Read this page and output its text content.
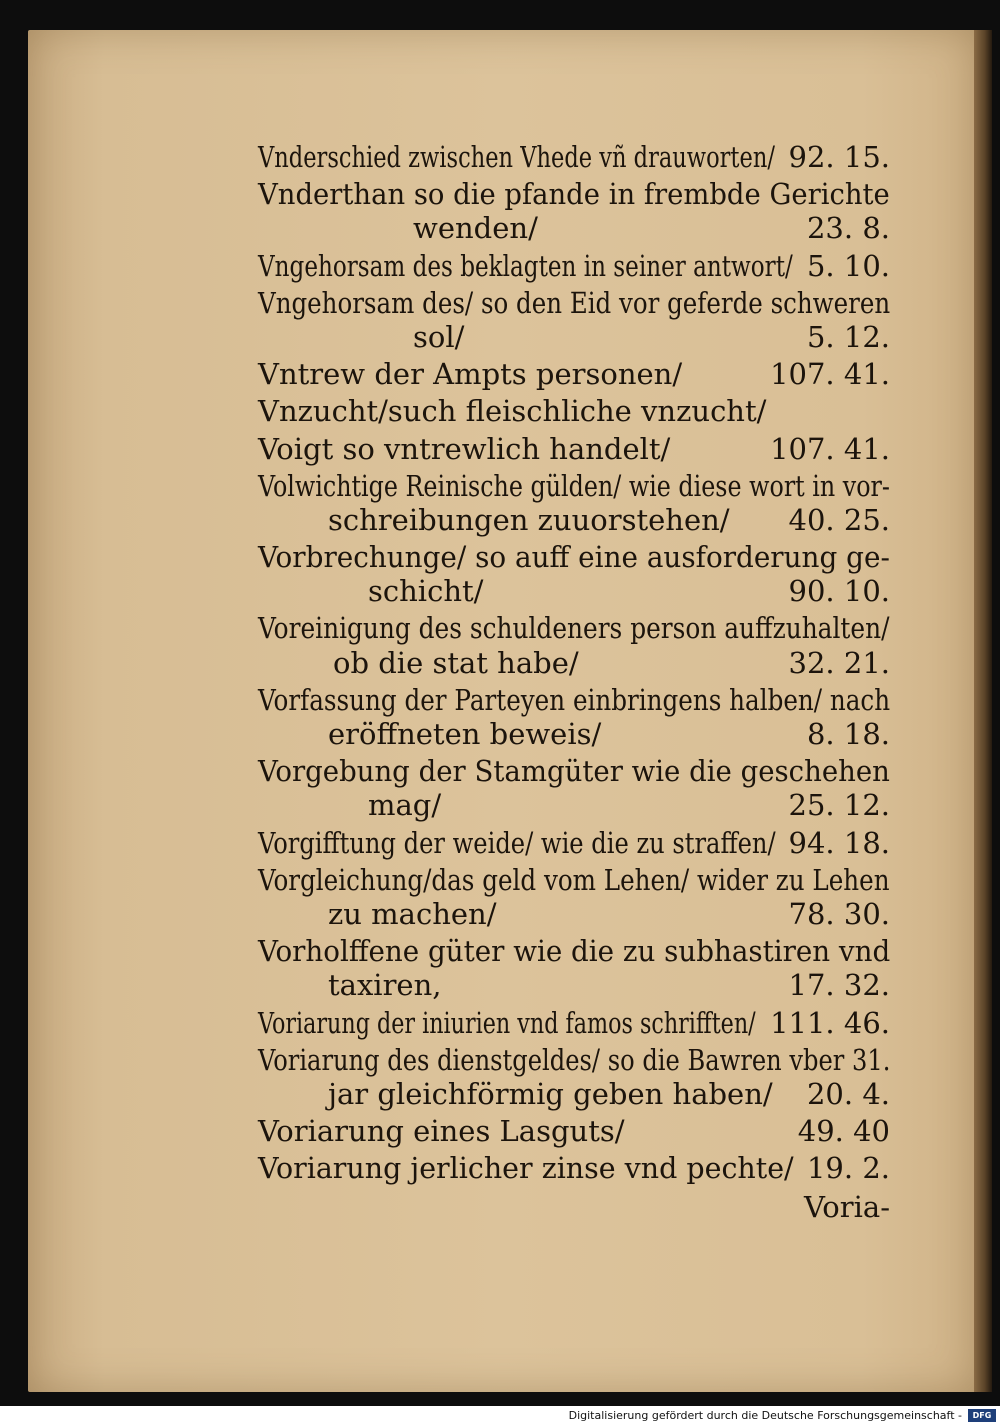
Vnderschied zwischen Vhede vñ drauworten/ 92. 15.
Vnderthan so die pfande in frembde Gerichte
wenden/	23. 8.
Vngehorsam des beklagten in seiner antwort/ 5. 10.
Vngehorsam des/ so den Eid vor geferde schweren
sol/	5. 12.
Vntrew der Ampts personen/	107. 41.
Vnzucht/such fleischliche vnzucht/
Voigt so vntrewlich handelt/	107. 41.
Volwichtige Reinische gülden/ wie diese wort in vor-
schreibungen zuuorstehen/ 40. 25.
Vorbrechunge/ so auff eine ausforderung ge-
schicht/	90. 10.
Voreinigung des schuldeners person auffzuhalten/
ob die stat habe/	32. 21.
Vorfassung der Parteyen einbringens halben/ nach
eröffneten beweis/	8. 18.
Vorgebung der Stamgüter wie die geschehen
mag/	25. 12.
Vorgifftung der weide/ wie die zu straffen/ 94. 18.
Vorgleichung/das geld vom Lehen/ wider zu Lehen
zu machen/	78. 30.
Vorholffene güter wie die zu subhastiren vnd
taxiren,	17. 32.
Voriarung der iniurien vnd famos schrifften/ 111. 46.
Voriarung des dienstgeldes/ so die Bawren vber 31.
jar gleichförmig geben haben/ 20. 4.
Voriarung eines Lasguts/	49. 40
Voriarung jerlicher zinse vnd pechte/ 19. 2.
Voria-
Digitalisierung gefördert durch die Deutsche Forschungsgemeinschaft -	DFG
